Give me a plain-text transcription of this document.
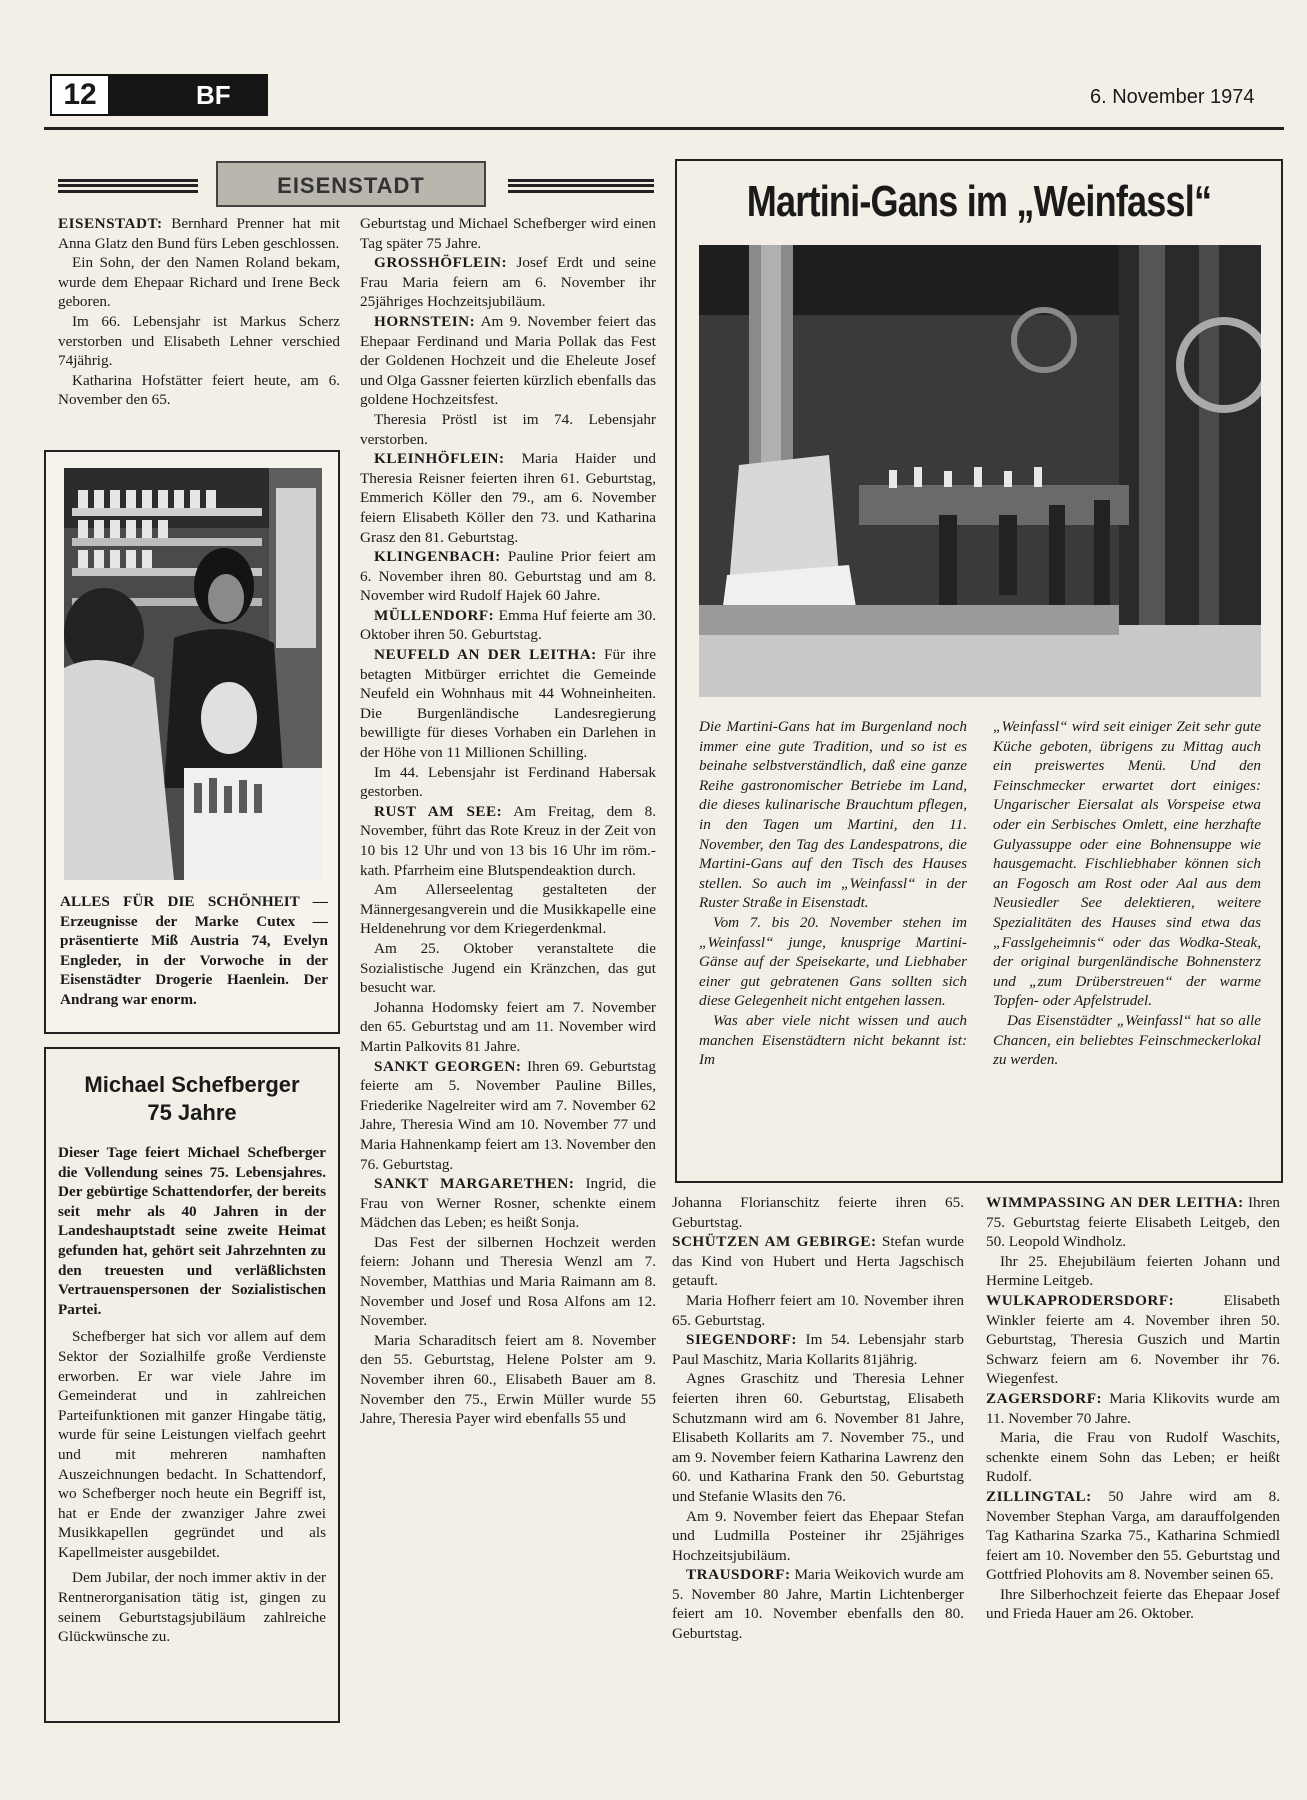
12	BF	6. November 1974
EISENSTADT

EISENSTADT: Bernhard Prenner hat mit Anna Glatz den Bund fürs Leben geschlossen.

Ein Sohn, der den Namen Roland bekam, wurde dem Ehepaar Richard und Irene Beck geboren.

Im 66. Lebensjahr ist Markus Scherz verstorben und Elisabeth Lehner verschied 74jährig.

Katharina Hofstätter feiert heute, am 6. November den 65.

ALLES FÜR DIE SCHÖNHEIT — Erzeugnisse der Marke Cutex — präsentierte Miß Austria 74, Evelyn Engleder, in der Vorwoche in der Eisenstädter Drogerie Haenlein. Der Andrang war enorm.
Michael Schefberger
75 Jahre

Dieser Tage feiert Michael Schefberger die Vollendung seines 75. Lebensjahres. Der gebürtige Schattendorfer, der bereits seit mehr als 40 Jahren in der Landeshauptstadt seine zweite Heimat gefunden hat, gehört seit Jahrzehnten zu den treuesten und verläßlichsten Vertrauenspersonen der Sozialistischen Partei.

Schefberger hat sich vor allem auf dem Sektor der Sozialhilfe große Verdienste erworben. Er war viele Jahre im Gemeinderat und in zahlreichen Parteifunktionen mit ganzer Hingabe tätig, wurde für seine Leistungen vielfach geehrt und mit mehreren namhaften Auszeichnungen bedacht. In Schattendorf, wo Schefberger noch heute ein Begriff ist, hat er Ende der zwanziger Jahre zwei Musikkapellen gegründet und als Kapellmeister ausgebildet.

Dem Jubilar, der noch immer aktiv in der Rentnerorganisation tätig ist, gingen zu seinem Geburtstagsjubiläum zahlreiche Glückwünsche zu.

Geburtstag und Michael Schefberger wird einen Tag später 75 Jahre.

GROSSHÖFLEIN: Josef Erdt und seine Frau Maria feiern am 6. November ihr 25jähriges Hochzeitsjubiläum.

HORNSTEIN: Am 9. November feiert das Ehepaar Ferdinand und Maria Pollak das Fest der Goldenen Hochzeit und die Eheleute Josef und Olga Gassner feierten kürzlich ebenfalls das goldene Hochzeitsfest.

Theresia Pröstl ist im 74. Lebensjahr verstorben.

KLEINHÖFLEIN: Maria Haider und Theresia Reisner feierten ihren 61. Geburtstag, Emmerich Köller den 79., am 6. November feiern Elisabeth Köller den 73. und Katharina Grasz den 81. Geburtstag.

KLINGENBACH: Pauline Prior feiert am 6. November ihren 80. Geburtstag und am 8. November wird Rudolf Hajek 60 Jahre.

MÜLLENDORF: Emma Huf feierte am 30. Oktober ihren 50. Geburtstag.

NEUFELD AN DER LEITHA: Für ihre betagten Mitbürger errichtet die Gemeinde Neufeld ein Wohnhaus mit 44 Wohneinheiten. Die Burgenländische Landesregierung bewilligte für dieses Vorhaben ein Darlehen in der Höhe von 11 Millionen Schilling.

Im 44. Lebensjahr ist Ferdinand Habersak gestorben.

RUST AM SEE: Am Freitag, dem 8. November, führt das Rote Kreuz in der Zeit von 10 bis 12 Uhr und von 13 bis 16 Uhr im röm.-kath. Pfarrheim eine Blutspendeaktion durch.

Am Allerseelentag gestalteten der Männergesangverein und die Musikkapelle eine Heldenehrung vor dem Kriegerdenkmal.

Am 25. Oktober veranstaltete die Sozialistische Jugend ein Kränzchen, das gut besucht war.

Johanna Hodomsky feiert am 7. November den 65. Geburtstag und am 11. November wird Martin Palkovits 81 Jahre.

SANKT GEORGEN: Ihren 69. Geburtstag feierte am 5. November Pauline Billes, Friederike Nagelreiter wird am 7. November 62 Jahre, Theresia Wind am 10. November 77 und Maria Hahnenkamp feiert am 13. November den 76. Geburtstag.

SANKT MARGARETHEN: Ingrid, die Frau von Werner Rosner, schenkte einem Mädchen das Leben; es heißt Sonja.

Das Fest der silbernen Hochzeit werden feiern: Johann und Theresia Wenzl am 7. November, Matthias und Maria Raimann am 8. November und Josef und Rosa Alfons am 12. November.

Maria Scharaditsch feiert am 8. November den 55. Geburtstag, Helene Polster am 9. November ihren 60., Elisabeth Bauer am 8. November den 75., Erwin Müller wurde 55 Jahre, Theresia Payer wird ebenfalls 55 und

Martini-Gans im „Weinfassl“

Die Martini-Gans hat im Burgenland noch immer eine gute Tradition, und so ist es beinahe selbstverständlich, daß eine ganze Reihe gastronomischer Betriebe im Land, die dieses kulinarische Brauchtum pflegen, in den Tagen um Martini, den 11. November, den Tag des Landespatrons, die Martini-Gans auf den Tisch des Hauses stellen. So auch im „Weinfassl“ in der Ruster Straße in Eisenstadt.

Vom 7. bis 20. November stehen im „Weinfassl“ junge, knusprige Martini-Gänse auf der Speisekarte, und Liebhaber einer gut gebratenen Gans sollten sich diese Gelegenheit nicht entgehen lassen.

Was aber viele nicht wissen und auch manchen Eisenstädtern nicht bekannt ist: Im

„Weinfassl“ wird seit einiger Zeit sehr gute Küche geboten, übrigens zu Mittag auch ein preiswertes Menü. Und den Feinschmecker erwartet dort einiges: Ungarischer Eiersalat als Vorspeise etwa oder ein Serbisches Omlett, eine herzhafte Gulyassuppe oder eine Bohnensuppe wie hausgemacht. Fischliebhaber können sich an Fogosch am Rost oder Aal aus dem Neusiedler See delektieren, weitere Spezialitäten des Hauses sind etwa das „Fasslgeheimnis“ oder das Wodka-Steak, der original burgenländische Bohnensterz und „zum Drüberstreuen“ der warme Topfen- oder Apfelstrudel.

Das Eisenstädter „Weinfassl“ hat so alle Chancen, ein beliebtes Feinschmeckerlokal zu werden.

Johanna Florianschitz feierte ihren 65. Geburtstag.

SCHÜTZEN AM GEBIRGE: Stefan wurde das Kind von Hubert und Herta Jagschisch getauft.

Maria Hofherr feiert am 10. November ihren 65. Geburtstag.

SIEGENDORF: Im 54. Lebensjahr starb Paul Maschitz, Maria Kollarits 81jährig.

Agnes Graschitz und Theresia Lehner feierten ihren 60. Geburtstag, Elisabeth Schutzmann wird am 6. November 81 Jahre, Elisabeth Kollarits am 7. November 75., und am 9. November feiern Katharina Lawrenz den 60. und Katharina Frank den 50. Geburtstag und Stefanie Wlasits den 76.

Am 9. November feiert das Ehepaar Stefan und Ludmilla Posteiner ihr 25jähriges Hochzeitsjubiläum.

TRAUSDORF: Maria Weikovich wurde am 5. November 80 Jahre, Martin Lichtenberger feiert am 10. November ebenfalls den 80. Geburtstag.

WIMMPASSING AN DER LEITHA: Ihren 75. Geburtstag feierte Elisabeth Leitgeb, den 50. Leopold Windholz.

Ihr 25. Ehejubiläum feierten Johann und Hermine Leitgeb.

WULKAPRODERSDORF: Elisabeth Winkler feierte am 4. November ihren 50. Geburtstag, Theresia Guszich und Martin Schwarz feiern am 6. November ihr 76. Wiegenfest.

ZAGERSDORF: Maria Klikovits wurde am 11. November 70 Jahre.

Maria, die Frau von Rudolf Waschits, schenkte einem Sohn das Leben; er heißt Rudolf.

ZILLINGTAL: 50 Jahre wird am 8. November Stephan Varga, am darauffolgenden Tag Katharina Szarka 75., Katharina Schmiedl feiert am 10. November den 55. Geburtstag und Gottfried Plohovits am 8. November seinen 65.

Ihre Silberhochzeit feierte das Ehepaar Josef und Frieda Hauer am 26. Oktober.
